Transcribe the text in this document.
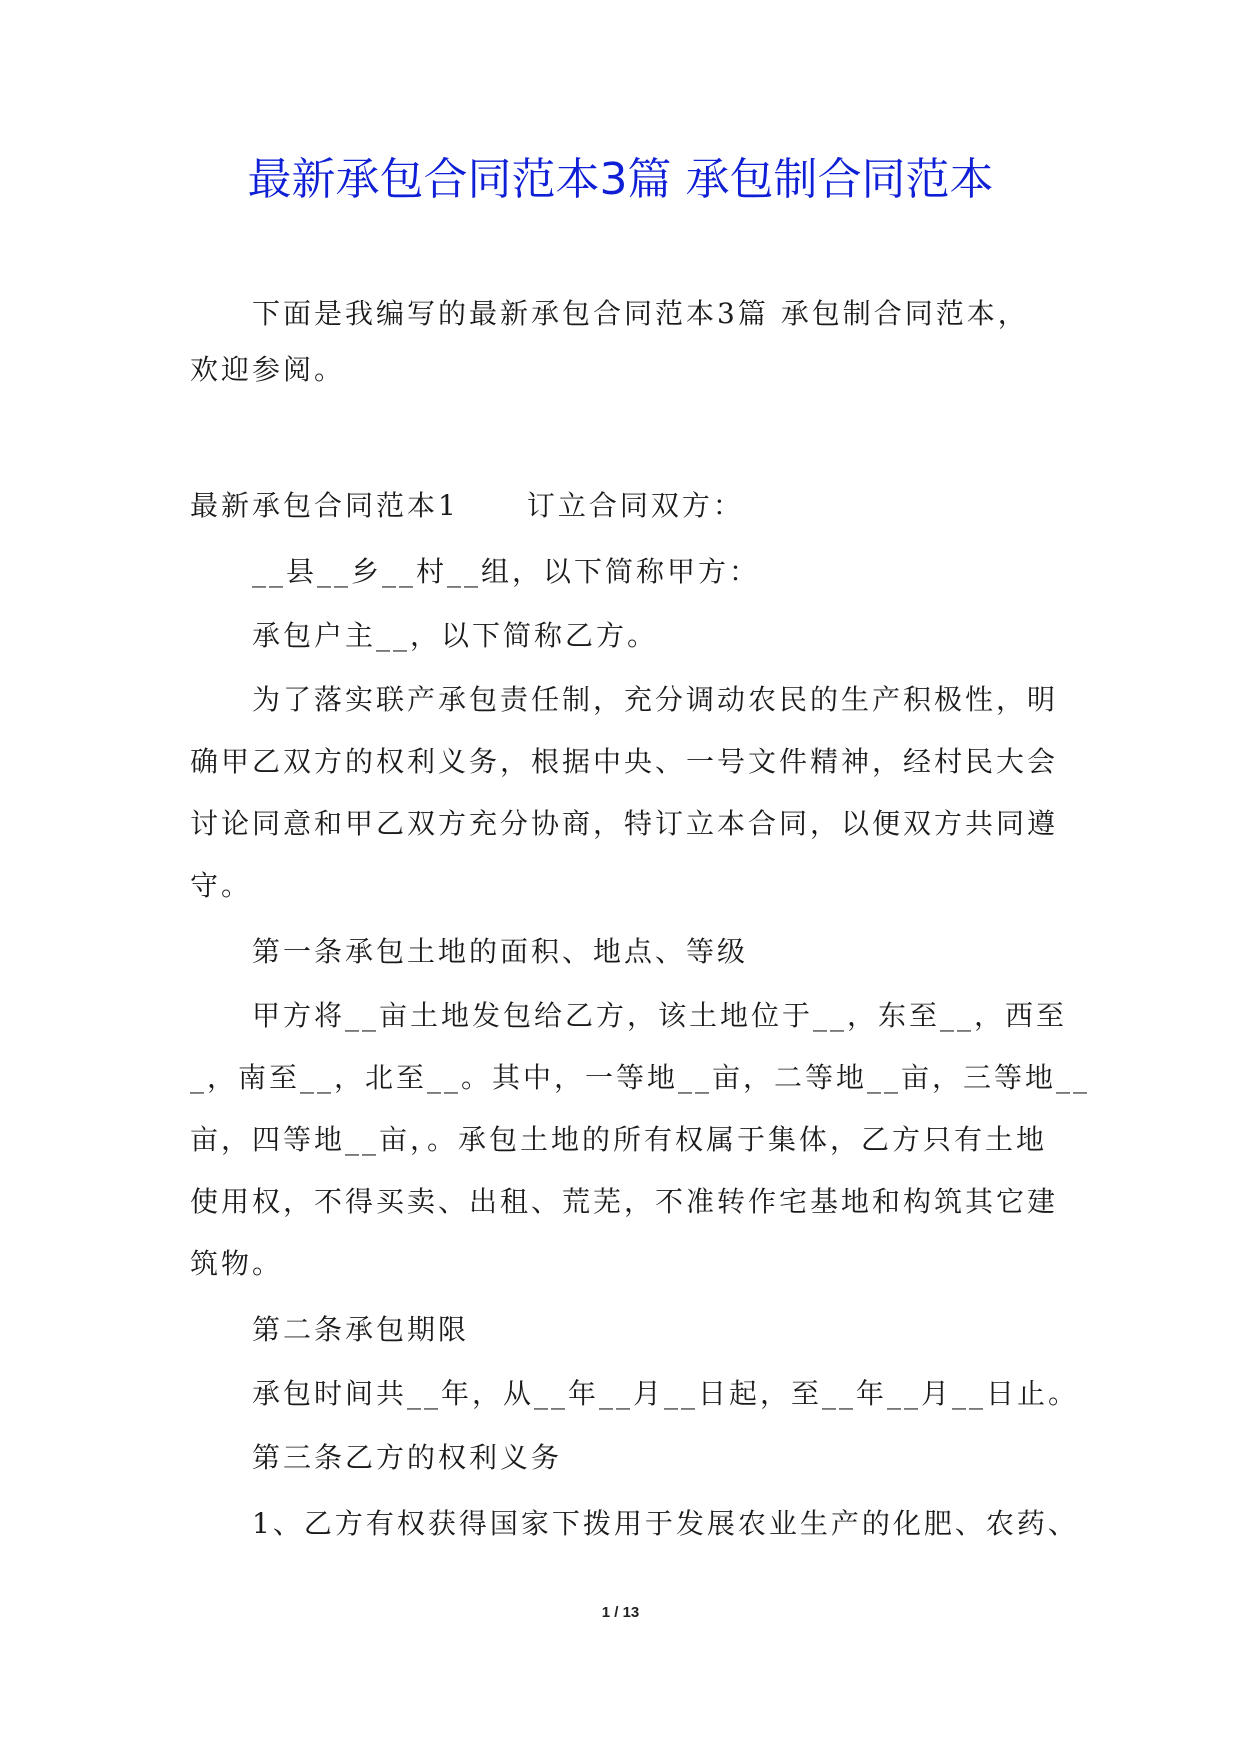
最新承包合同范本3篇 承包制合同范本

下面是我编写的最新承包合同范本3篇 承包制合同范本，

欢迎参阅。

最新承包合同范本1 订立合同双方：

__县__乡__村__组，以下简称甲方：

承包户主__，以下简称乙方。

为了落实联产承包责任制，充分调动农民的生产积极性，明

确甲乙双方的权利义务，根据中央、一号文件精神，经村民大会

讨论同意和甲乙双方充分协商，特订立本合同，以便双方共同遵

守。

第一条承包土地的面积、地点、等级

甲方将__亩土地发包给乙方，该土地位于__，东至__，西至

_，南至__，北至__。其中，一等地__亩，二等地__亩，三等地__

亩，四等地__亩，。承包土地的所有权属于集体，乙方只有土地

使用权，不得买卖、出租、荒芜，不准转作宅基地和构筑其它建

筑物。

第二条承包期限

承包时间共__年，从__年__月__日起，至__年__月__日止。

第三条乙方的权利义务

1、乙方有权获得国家下拨用于发展农业生产的化肥、农药、

1 / 13
